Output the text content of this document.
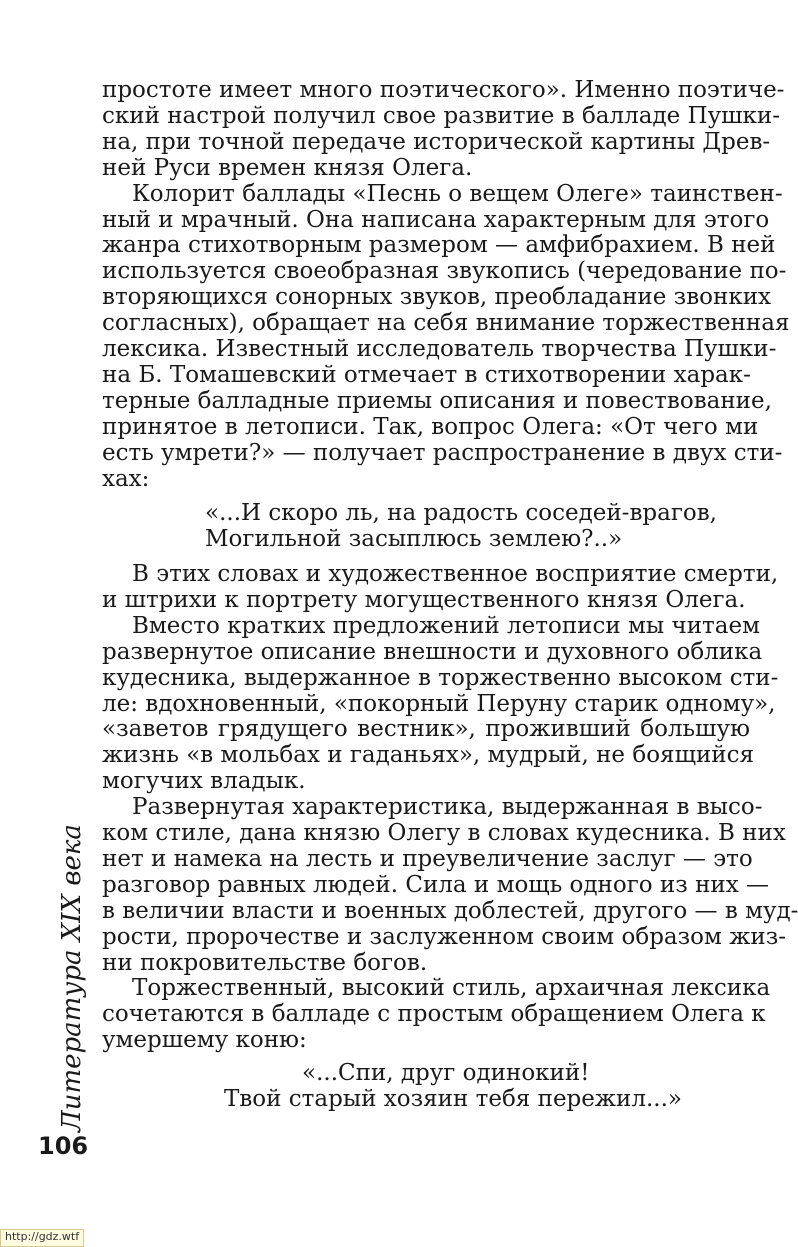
простоте имеет много поэтического». Именно поэтиче-
ский настрой получил свое развитие в балладе Пушки-
на, при точной передаче исторической картины Древ-
ней Руси времен князя Олега.
Колорит баллады «Песнь о вещем Олеге» таинствен-
ный и мрачный. Она написана характерным для этого
жанра стихотворным размером — амфибрахием. В ней
используется своеобразная звукопись (чередование по-
вторяющихся сонорных звуков, преобладание звонких
согласных), обращает на себя внимание торжественная
лексика. Известный исследователь творчества Пушки-
на Б. Томашевский отмечает в стихотворении харак-
терные балладные приемы описания и повествование,
принятое в летописи. Так, вопрос Олега: «От чего ми
есть умрети?» — получает распространение в двух сти-
хах:
«...И скоро ль, на радость соседей-врагов,
Могильной засыплюсь землею?..»
В этих словах и художественное восприятие смерти,
и штрихи к портрету могущественного князя Олега.
Вместо кратких предложений летописи мы читаем
развернутое описание внешности и духовного облика
кудесника, выдержанное в торжественно высоком сти-
ле: вдохновенный, «покорный Перуну старик одному»,
«заветов грядущего вестник», проживший большую
жизнь «в мольбах и гаданьях», мудрый, не боящийся
могучих владык.
Развернутая характеристика, выдержанная в высо-
ком стиле, дана князю Олегу в словах кудесника. В них
нет и намека на лесть и преувеличение заслуг — это
разговор равных людей. Сила и мощь одного из них —
в величии власти и военных доблестей, другого — в муд-
рости, пророчестве и заслуженном своим образом жиз-
ни покровительстве богов.
Торжественный, высокий стиль, архаичная лексика
сочетаются в балладе с простым обращением Олега к
умершему коню:
«...Спи, друг одинокий!
Твой старый хозяин тебя пережил...»
Литература XIX века
106
http://gdz.wtf
